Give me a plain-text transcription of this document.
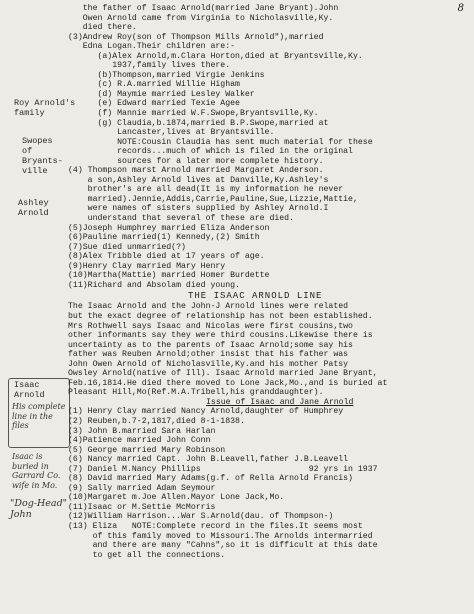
8
Roy Arnold's
family
Swopes
of
Bryants-
ville
Ashley
Arnold
Isaac
Arnold
His complete
line in the
files
Isaac is
buried in
Garrard Co.
wife in Mo.
"Dog-Head"
John
the father of Isaac Arnold(married Jane Bryant).John
Owen Arnold came from Virginia to Nicholasville,Ky.
died there.
(3)Andrew Roy(son of Thompson Mills Arnold"),married
Edna Logan.Their children are:-
(a)Alex Arnold,m.Clara Horton,died at Bryantsville,Ky.
1937,family lives there.
(b)Thompson,married Virgie Jenkins
(c) R.A.married Willie Higham
(d) Maymie married Lesley Walker
(e) Edward married Texie Agee
(f) Mannie married W.F.Swope,Bryantsville,Ky.
(g) Claudia,b.1874,married B.P.Swope,married at
Lancaster,lives at Bryantsville.
NOTE:Cousin Claudia has sent much material for these
records...much of which is filed in the original
sources for a later more complete history.
(4) Thompson marst Arnold married Margaret Anderson.
a son,Ashley Arnold lives at Danville,Ky.Ashley's
brother's are all dead(It is my information he never
married).Jennie,Addis,Carrie,Pauline,Sue,Lizzie,Mattie,
were names of sisters supplied by Ashley Arnold.I
understand that several of these are died.
(5)Joseph Humphrey married Eliza Anderson
(6)Pauline married(1) Kennedy,(2) Smith
(7)Sue died unmarried(?)
(8)Alex Tribble died at 17 years of age.
(9)Henry Clay married Mary Henry
(10)Martha(Mattie) married Homer Burdette
(11)Richard and Absolam died young.
THE ISAAC ARNOLD LINE
The Isaac Arnold and the John-J Arnold lines were related
but the exact degree of relationship has not been established.
Mrs Rothwell says Isaac and Nicolas were first cousins,two
other informants say they were third cousins.Likewise there is
uncertainty as to the parents of Isaac Arnold;some say his
father was Reuben Arnold;other insist that his father was
John Owen Arnold of Nicholasville,Ky.and his mother Patsy
Owsley Arnold(native of Ill). Isaac Arnold married Jane Bryant,
Feb.16,1814.He died there moved to Lone Jack,Mo.,and is buried at
Pleasant Hill,Mo(Ref.M.A.Tribell,his granddaughter).
Issue of Isaac and Jane Arnold
(1) Henry Clay married Nancy Arnold,daughter of Humphrey
(2) Reuben,b.7-2,1817,died 8-1-1838.
(3) John B.married Sara Harlan
(4)Patience married John Conn
(5) George married Mary Robinson
(6) Nancy married Capt. John B.Leavell,father J.B.Leavell
(7) Daniel M.Nancy Phillips                      92 yrs in 1937
(8) David married Mary Adams(g.f. of Rella Arnold Francis)
(9) Sally married Adam Seymour
(10)Margaret m.Joe Allen.Mayor Lone Jack,Mo.
(11)Isaac or M.Settie McMorris
(12)William Harrison...War S.Arnold(dau. of Thompson-)
(13) Eliza   NOTE:Complete record in the files.It seems most
of this family moved to Missouri.The Arnolds intermarried
and there are many "Cahns",so it is difficult at this date
to get all the connections.
